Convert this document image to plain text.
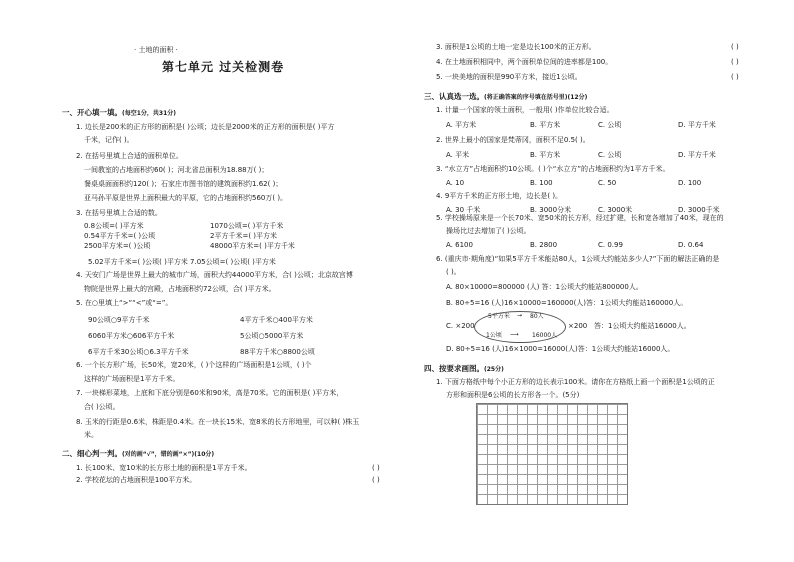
· 土地的面积 ·
第七单元 过关检测卷
一、开心填一填。(每空1分，共31分)
1. 边长是200米的正方形的面积是( )公顷；边长是2000米的正方形的面积是( )平方
千米，记作( )。
2. 在括号里填上合适的面积单位。
一间教室的占地面积约60( )；河北省总面积为18.88万( )；
餐桌桌面面积约120( )；石家庄市图书馆的建筑面积约1.62( )；
亚马孙平原是世界上面积最大的平原，它的占地面积约560万( )。
3. 在括号里填上合适的数。
0.8公顷=( )平方米	1070公顷=( )平方千米
0.54平方千米=( )公顷	2平方千米=( )平方米
2500平方米=( )公顷	48000平方米=( )平方千米
5.02平方千米=( )公顷( )平方米 7.05公顷=( )公顷( )平方米
4. 天安门广场是世界上最大的城市广场，面积大约44000平方米，合( )公顷；北京故宫博
物院是世界上最大的宫殿，占地面积约72公顷，合( )平方米。
5. 在○里填上“>”“<”或“=”。
90公顷○9平方千米	4平方千米○400平方米
6060平方米○606平方千米	5公顷○5000平方米
6平方千米30公顷○6.3平方千米	88平方千米○8800公顷
6. 一个长方形广场，长50米，宽20米，( )个这样的广场面积是1公顷，( )个
这样的广场面积是1平方千米。
7. 一块梯形菜地，上底和下底分别是60米和90米，高是70米。它的面积是( )平方米，
合( )公顷。
8. 玉米的行距是0.6米，株距是0.4米。在一块长15米、宽8米的长方形地里，可以种( )株玉
米。
二、细心判一判。(对的画“√”，错的画“×”)(10分)
1. 长100米、宽10米的长方形土地的面积是1平方千米。	( )
2. 学校花坛的占地面积是100平方米。	( )
3. 面积是1公顷的土地一定是边长100米的正方形。	( )
4. 在土地面积相同中，两个面积单位间的进率都是100。	( )
5. 一块美地的面积是990平方米，接近1公顷。	( )
三、认真选一选。(将正确答案的序号填在括号里)(12分)
1. 计量一个国家的领土面积，一般用( )作单位比较合适。
A. 平方米	B. 平方米	C. 公顷	D. 平方千米
2. 世界上最小的国家是梵蒂冈，面积不足0.5( )。
A. 平米	B. 平方米	C. 公顷	D. 平方千米
3. “水立方”占地面积约10公顷。( )个“水立方”的占地面积约为1平方千米。
A. 10	B. 100	C. 50	D. 100
4. 9平方千米的正方形土地，边长是( )。
A. 30 千米	B. 3000分米	C. 3000米	D. 3000千米
5. 学校操场原来是一个长70米、宽50米的长方形，经过扩建，长和宽各增加了40米，现在的
操场比过去增加了( )公顷。
A. 6100	B. 2800	C. 0.99	D. 0.64
6. (重庆市·期角度)“如果5平方千米能站80人，1公顷大约能站多少人?”下面的解法正确的是
( )。
A. 80×10000=800000 (人) 答：1公顷大约能站800000人。
B. 80÷5=16 (人)16×10000=160000(人)答：1公顷大约能站160000人。
C. ×200
5平方米 → 80人
1公顷 ⟶ 16000人
×200 答：1公顷大约能站16000人。
D. 80÷5=16 (人)16×1000=16000(人)答：1公顷大约能站16000人。
四、按要求画图。(25分)
1. 下面方格纸中每个小正方形的边长表示100米。请你在方格纸上画一个面积是1公顷的正
方形和面积是6公顷的长方形各一个。(5分)
